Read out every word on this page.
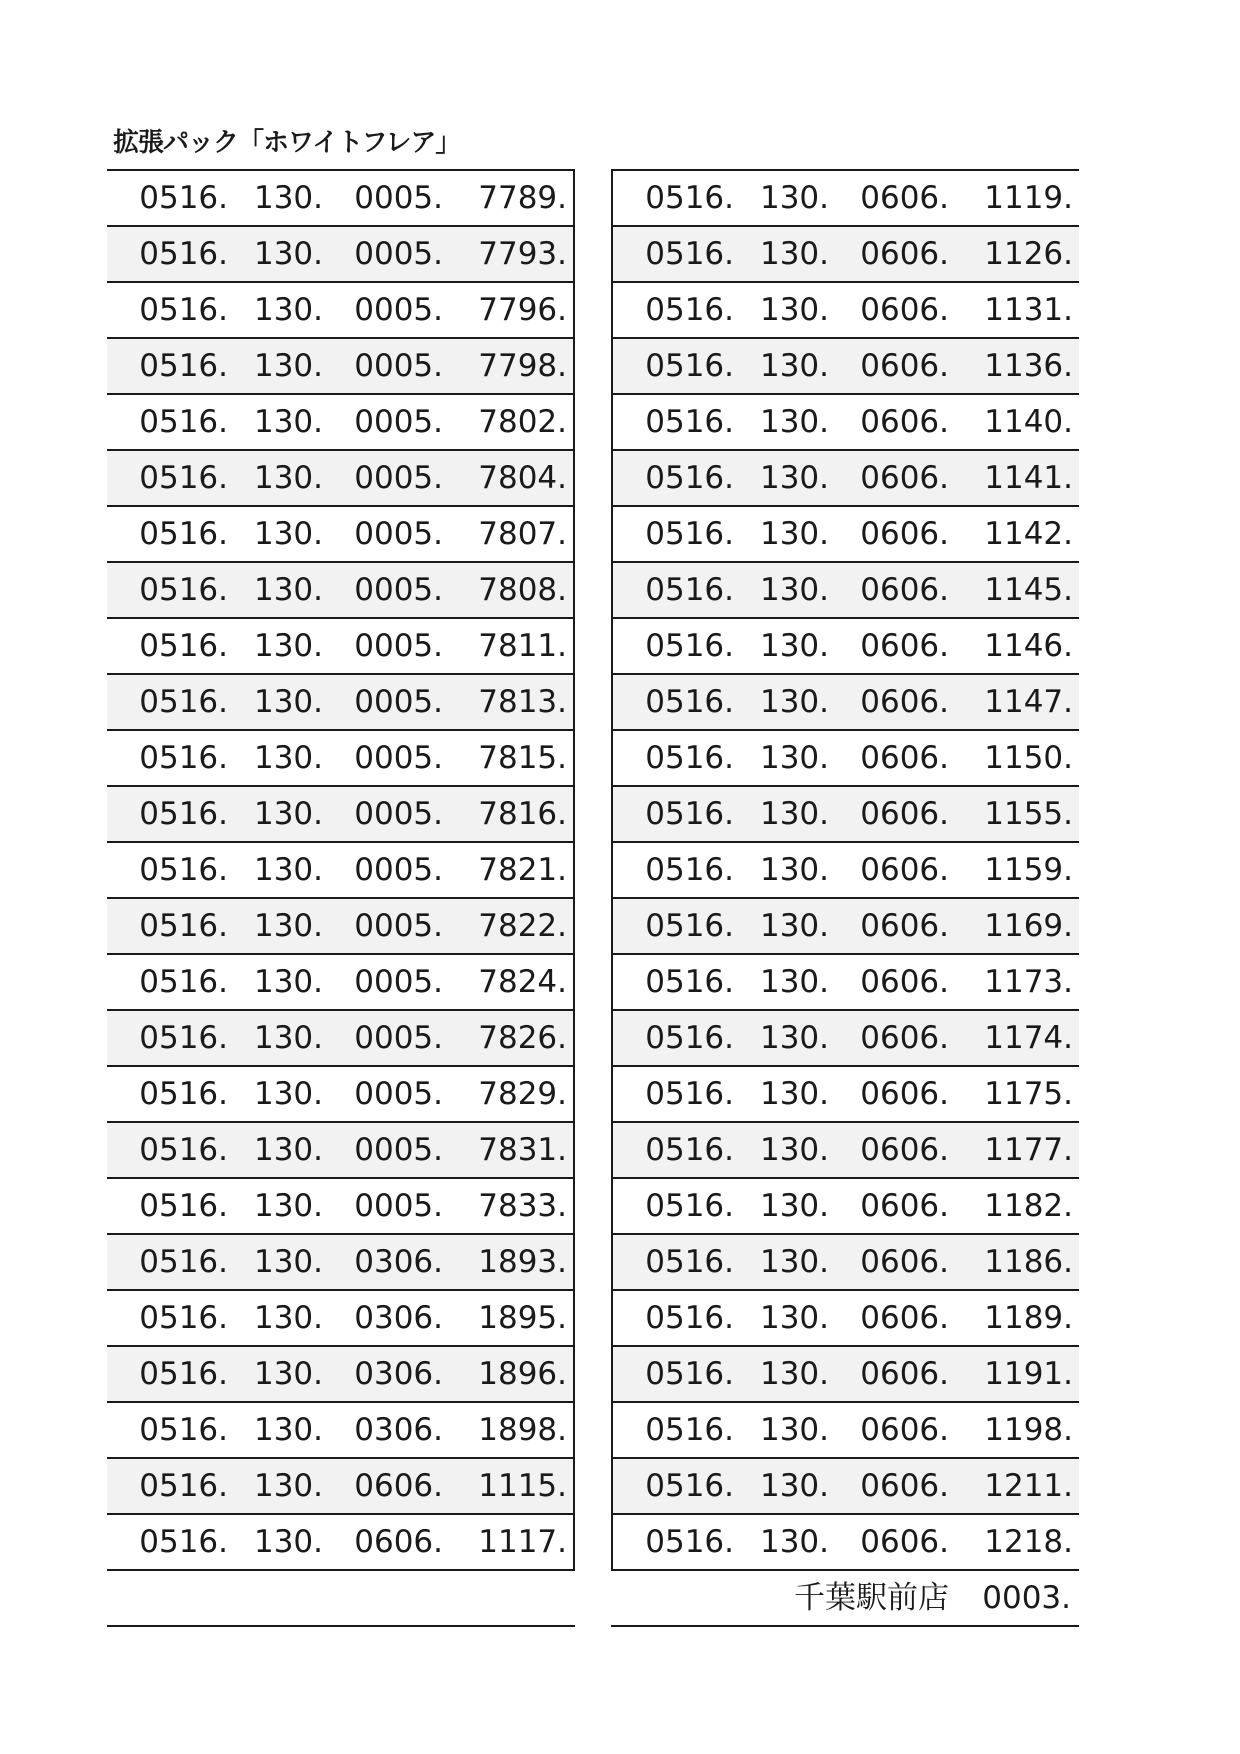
拡張パック「ホワイトフレア」
0516. 130. 0005. 7789.
0516. 130. 0005. 7793.
0516. 130. 0005. 7796.
0516. 130. 0005. 7798.
0516. 130. 0005. 7802.
0516. 130. 0005. 7804.
0516. 130. 0005. 7807.
0516. 130. 0005. 7808.
0516. 130. 0005. 7811.
0516. 130. 0005. 7813.
0516. 130. 0005. 7815.
0516. 130. 0005. 7816.
0516. 130. 0005. 7821.
0516. 130. 0005. 7822.
0516. 130. 0005. 7824.
0516. 130. 0005. 7826.
0516. 130. 0005. 7829.
0516. 130. 0005. 7831.
0516. 130. 0005. 7833.
0516. 130. 0306. 1893.
0516. 130. 0306. 1895.
0516. 130. 0306. 1896.
0516. 130. 0306. 1898.
0516. 130. 0606. 1115.
0516. 130. 0606. 1117.
0516. 130. 0606. 1119.
0516. 130. 0606. 1126.
0516. 130. 0606. 1131.
0516. 130. 0606. 1136.
0516. 130. 0606. 1140.
0516. 130. 0606. 1141.
0516. 130. 0606. 1142.
0516. 130. 0606. 1145.
0516. 130. 0606. 1146.
0516. 130. 0606. 1147.
0516. 130. 0606. 1150.
0516. 130. 0606. 1155.
0516. 130. 0606. 1159.
0516. 130. 0606. 1169.
0516. 130. 0606. 1173.
0516. 130. 0606. 1174.
0516. 130. 0606. 1175.
0516. 130. 0606. 1177.
0516. 130. 0606. 1182.
0516. 130. 0606. 1186.
0516. 130. 0606. 1189.
0516. 130. 0606. 1191.
0516. 130. 0606. 1198.
0516. 130. 0606. 1211.
0516. 130. 0606. 1218.
千葉駅前店 0003.
